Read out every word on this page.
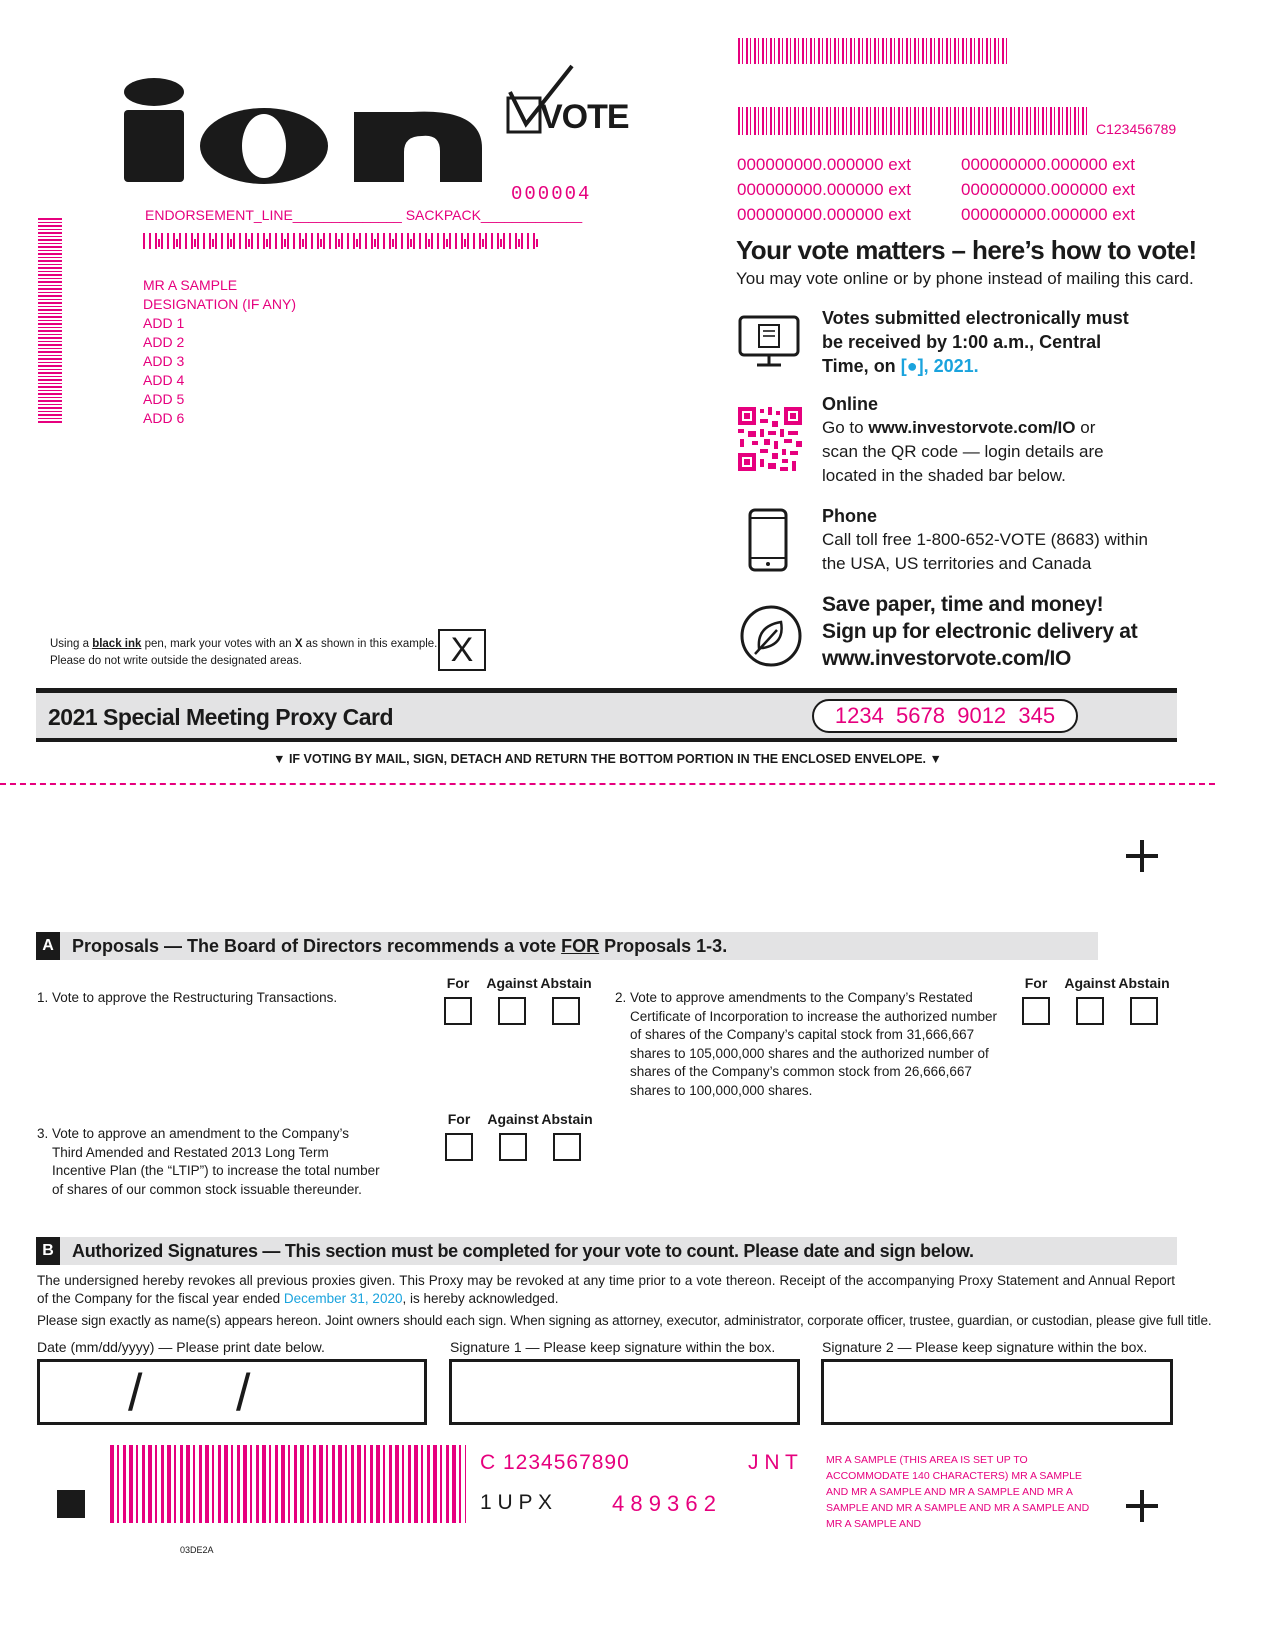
VOTE
000004
ENDORSEMENT_LINE______________ SACKPACK_____________
MR A SAMPLE
DESIGNATION (IF ANY)
ADD 1
ADD 2
ADD 3
ADD 4
ADD 5
ADD 6
C123456789
000000000.000000 ext
000000000.000000 ext
000000000.000000 ext
000000000.000000 ext
000000000.000000 ext
000000000.000000 ext
Your vote matters – here’s how to vote!
You may vote online or by phone instead of mailing this card.
Votes submitted electronically must be received by 1:00 a.m., Central Time, on [●], 2021.
Online
Go to www.investorvote.com/IO or scan the QR code — login details are located in the shaded bar below.
Phone
Call toll free 1-800-652-VOTE (8683) within the USA, US territories and Canada
Save paper, time and money!
Sign up for electronic delivery at
www.investorvote.com/IO
Using a black ink pen, mark your votes with an X as shown in this example.
Please do not write outside the designated areas.	X
2021 Special Meeting Proxy Card	1234  5678  9012  345
▼ IF VOTING BY MAIL, SIGN, DETACH AND RETURN THE BOTTOM PORTION IN THE ENCLOSED ENVELOPE. ▼
A	Proposals — The Board of Directors recommends a vote FOR Proposals 1-3.
1. Vote to approve the Restructuring Transactions.
For	Against Abstain
2. Vote to approve amendments to the Company’s Restated Certificate of Incorporation to increase the authorized number of shares of the Company’s capital stock from 31,666,667 shares to 105,000,000 shares and the authorized number of shares of the Company’s common stock from 26,666,667 shares to 100,000,000 shares.
For	Against Abstain
3. Vote to approve an amendment to the Company’s Third Amended and Restated 2013 Long Term Incentive Plan (the “LTIP”) to increase the total number of shares of our common stock issuable thereunder.
For	Against Abstain
B	Authorized Signatures — This section must be completed for your vote to count. Please date and sign below.
The undersigned hereby revokes all previous proxies given. This Proxy may be revoked at any time prior to a vote thereon. Receipt of the accompanying Proxy Statement and Annual Report of the Company for the fiscal year ended December 31, 2020, is hereby acknowledged.
Please sign exactly as name(s) appears hereon. Joint owners should each sign. When signing as attorney, executor, administrator, corporate officer, trustee, guardian, or custodian, please give full title.
Date (mm/dd/yyyy) — Please print date below.	Signature 1 — Please keep signature within the box.	Signature 2 — Please keep signature within the box.
/ /
C 1234567890	J N T
1 U P X	4 8 9 3 6 2
MR A SAMPLE (THIS AREA IS SET UP TO ACCOMMODATE 140 CHARACTERS) MR A SAMPLE AND MR A SAMPLE AND MR A SAMPLE AND MR A SAMPLE AND MR A SAMPLE AND MR A SAMPLE AND MR A SAMPLE AND
03DE2A
